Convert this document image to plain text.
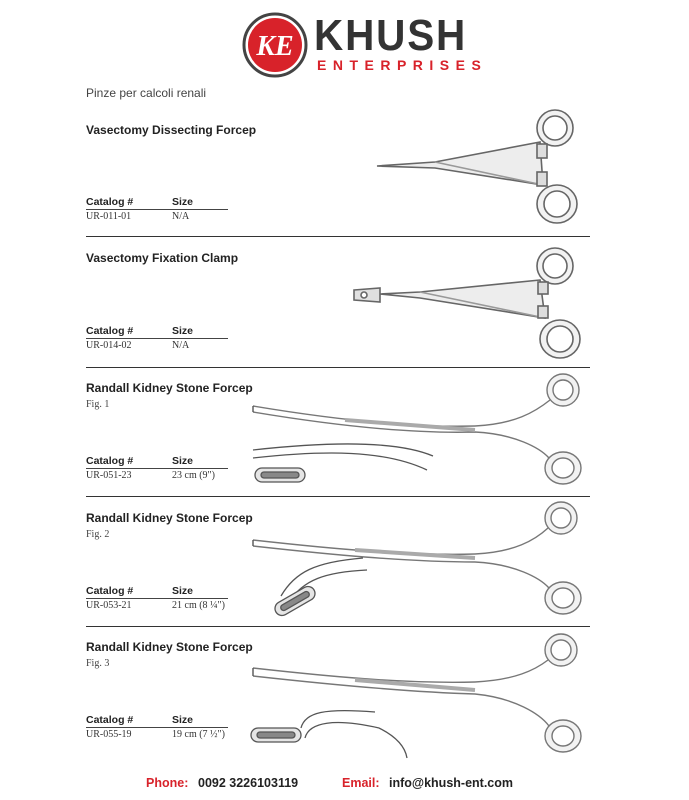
KE KHUSH
ENTERPRISES
Pinze per calcoli renali
Vasectomy Dissecting Forcep
Catalog #	Size
UR-011-01	N/A
Vasectomy Fixation Clamp
Catalog #	Size
UR-014-02	N/A
Randall Kidney Stone Forcep
Fig. 1
Catalog #	Size
UR-051-23	23 cm (9")
Randall Kidney Stone Forcep
Fig. 2
Catalog #	Size
UR-053-21	21 cm (8 ¼")
Randall Kidney Stone Forcep
Fig. 3
Catalog #	Size
UR-055-19	19 cm (7 ½")
Phone: 0092 3226103119	Email: info@khush-ent.com
